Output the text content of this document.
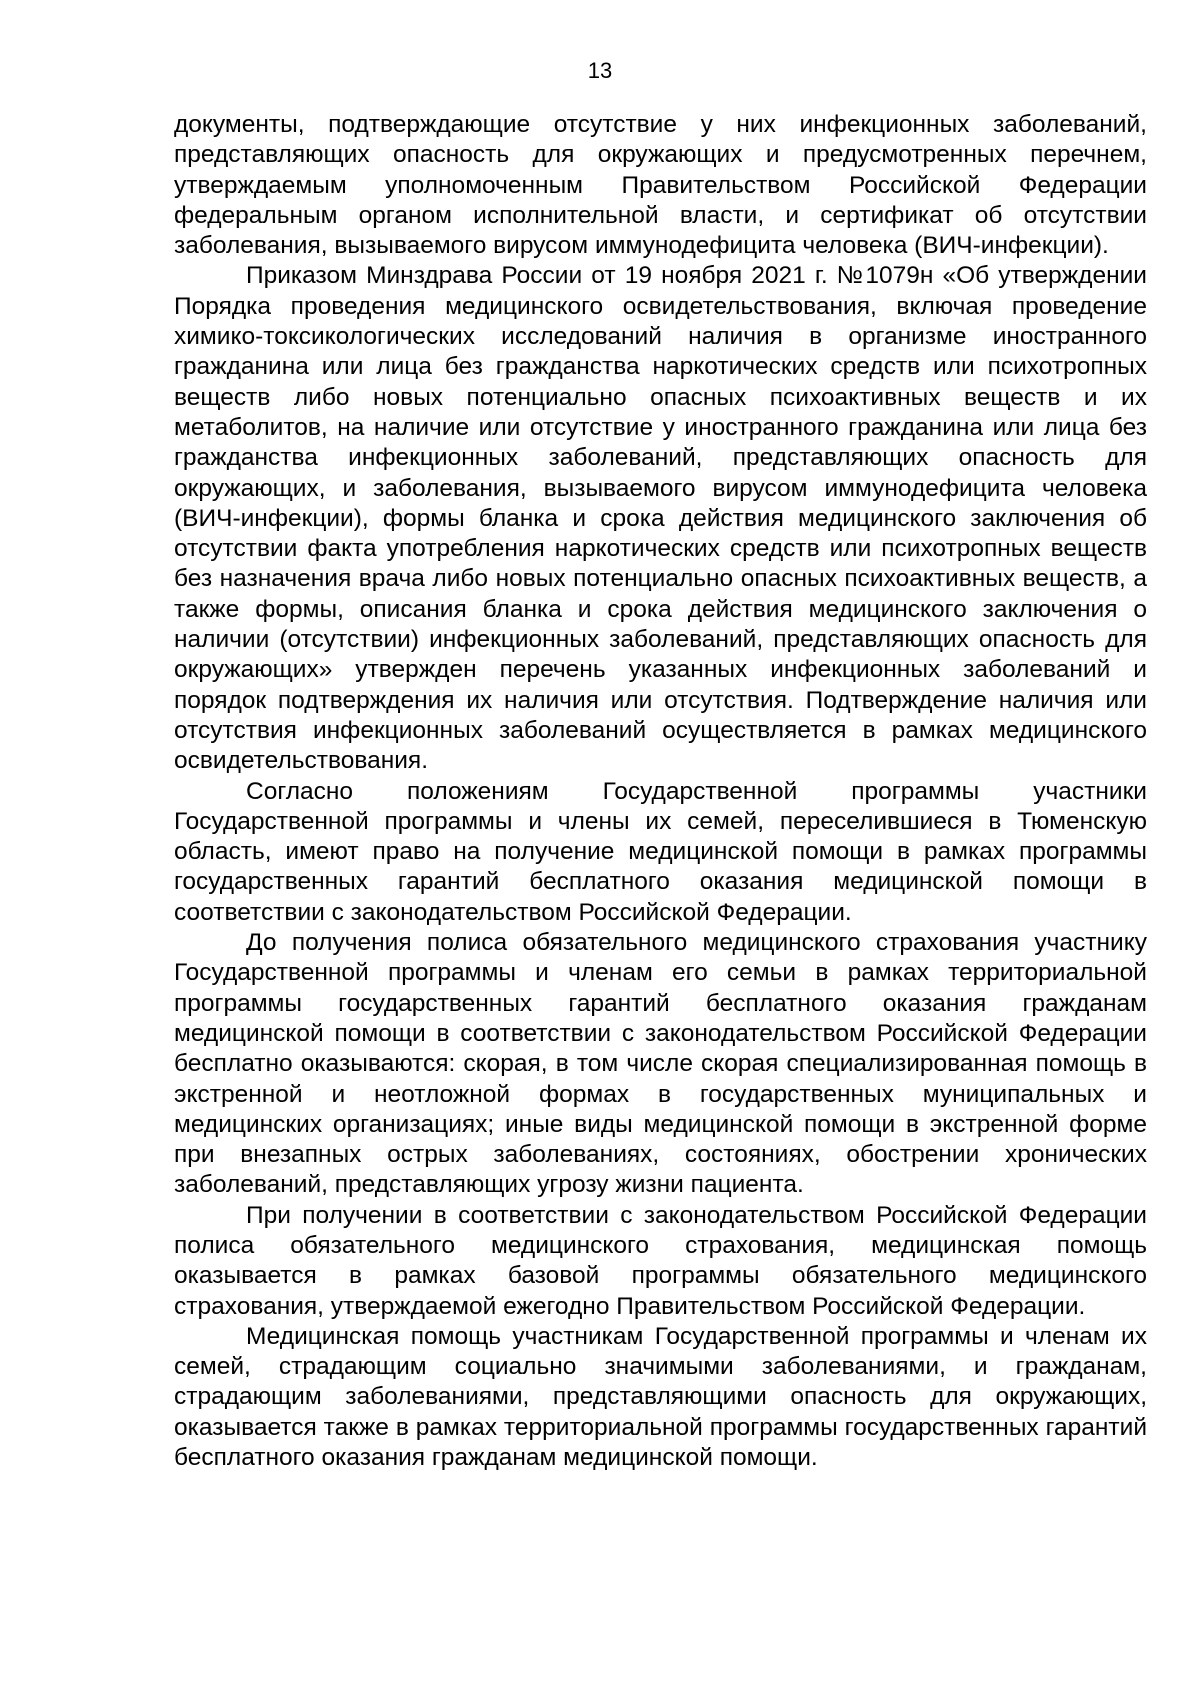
13

документы, подтверждающие отсутствие у них инфекционных заболеваний, представляющих опасность для окружающих и предусмотренных перечнем, утверждаемым уполномоченным Правительством Российской Федерации федеральным органом исполнительной власти, и сертификат об отсутствии заболевания, вызываемого вирусом иммунодефицита человека (ВИЧ-инфекции).

Приказом Минздрава России от 19 ноября 2021 г. №1079н «Об утверждении Порядка проведения медицинского освидетельствования, включая проведение химико-токсикологических исследований наличия в организме иностранного гражданина или лица без гражданства наркотических средств или психотропных веществ либо новых потенциально опасных психоактивных веществ и их метаболитов, на наличие или отсутствие у иностранного гражданина или лица без гражданства инфекционных заболеваний, представляющих опасность для окружающих, и заболевания, вызываемого вирусом иммунодефицита человека (ВИЧ-инфекции), формы бланка и срока действия медицинского заключения об отсутствии факта употребления наркотических средств или психотропных веществ без назначения врача либо новых потенциально опасных психоактивных веществ, а также формы, описания бланка и срока действия медицинского заключения о наличии (отсутствии) инфекционных заболеваний, представляющих опасность для окружающих» утвержден перечень указанных инфекционных заболеваний и порядок подтверждения их наличия или отсутствия. Подтверждение наличия или отсутствия инфекционных заболеваний осуществляется в рамках медицинского освидетельствования.

Согласно положениям Государственной программы участники Государственной программы и члены их семей, переселившиеся в Тюменскую область, имеют право на получение медицинской помощи в рамках программы государственных гарантий бесплатного оказания медицинской помощи в соответствии с законодательством Российской Федерации.

До получения полиса обязательного медицинского страхования участнику Государственной программы и членам его семьи в рамках территориальной программы государственных гарантий бесплатного оказания гражданам медицинской помощи в соответствии с законодательством Российской Федерации бесплатно оказываются: скорая, в том числе скорая специализированная помощь в экстренной и неотложной формах в государственных муниципальных и медицинских организациях; иные виды медицинской помощи в экстренной форме при внезапных острых заболеваниях, состояниях, обострении хронических заболеваний, представляющих угрозу жизни пациента.

При получении в соответствии с законодательством Российской Федерации полиса обязательного медицинского страхования, медицинская помощь оказывается в рамках базовой программы обязательного медицинского страхования, утверждаемой ежегодно Правительством Российской Федерации.

Медицинская помощь участникам Государственной программы и членам их семей, страдающим социально значимыми заболеваниями, и гражданам, страдающим заболеваниями, представляющими опасность для окружающих, оказывается также в рамках территориальной программы государственных гарантий бесплатного оказания гражданам медицинской помощи.
